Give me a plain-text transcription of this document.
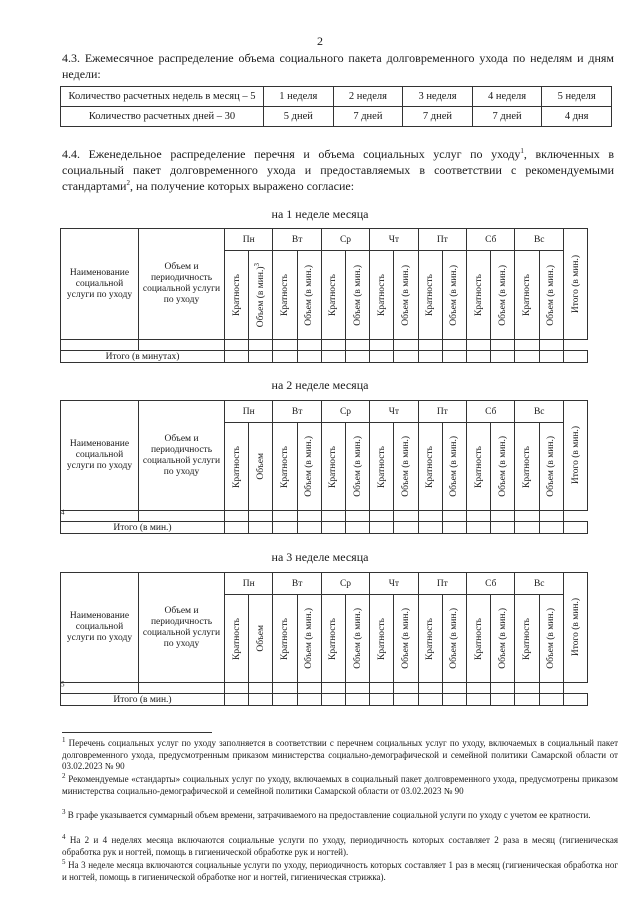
2

4.3. Ежемесячное распределение объема социального пакета долговременного ухода по неделям и дням недели:

Количество расчетных недель в месяц – 5	1 неделя	2 неделя	3 неделя	4 неделя	5 неделя
Количество расчетных дней – 30	5 дней	7 дней	7 дней	7 дней	4 дня

4.4. Еженедельное распределение перечня и объема социальных услуг по уходу$^1$, включенных в социальный пакет долговременного ухода и предоставляемых в соответствии с рекомендуемыми стандартами$^2$, на получение которых выражено согласие:

на 1 неделе месяца
Наименование социальной услуги по уходу	Объем и периодичность социальной услуги по уходу	Пн		Вт		Ср		Чт		Пт		Сб		Вс		Итого (в мин.)

		Кратность	Объем (в мин.)$^3$	Кратность	Объем (в мин.)	Кратность	Объем (в мин.)	Кратность	Объем (в мин.)	Кратность	Объем (в мин.)	Кратность	Объем (в мин.)	Кратность	Объем (в мин.)	

Итого (в минутах)																
на 2 неделе месяца
Наименование социальной услуги по уходу	Объем и периодичность социальной услуги по уходу	Пн		Вт		Ср		Чт		Пт		Сб		Вс		Итого (в мин.)

		Кратность	Объем	Кратность	Объем (в мин.)	Кратность	Объем (в мин.)	Кратность	Объем (в мин.)	Кратность	Объем (в мин.)	Кратность	Объем (в мин.)	Кратность	Объем (в мин.)	

$^4$															
Итого (в мин.)																
на 3 неделе месяца
Наименование социальной услуги по уходу	Объем и периодичность социальной услуги по уходу	Пн		Вт		Ср		Чт		Пт		Сб		Вс		Итого (в мин.)

		Кратность	Объем	Кратность	Объем (в мин.)	Кратность	Объем (в мин.)	Кратность	Объем (в мин.)	Кратность	Объем (в мин.)	Кратность	Объем (в мин.)	Кратность	Объем (в мин.)	

$^5$															
Итого (в мин.)																

$^1$ Перечень социальных услуг по уходу заполняется в соответствии с перечнем социальных услуг по уходу, включаемых в социальный пакет долговременного ухода, предусмотренным приказом министерства социально-демографической и семейной политики Самарской области от 03.02.2023 № 90

$^2$ Рекомендуемые «стандарты» социальных услуг по уходу, включаемых в социальный пакет долговременного ухода, предусмотрены приказом министерства социально-демографической и семейной политики Самарской области от 03.02.2023 № 90

$^3$ В графе указывается суммарный объем времени, затрачиваемого на предоставление социальной услуги по уходу с учетом ее кратности.

$^4$ На 2 и 4 неделях месяца включаются социальные услуги по уходу, периодичность которых составляет 2 раза в месяц (гигиеническая обработка рук и ногтей, помощь в гигиенической обработке рук и ногтей).

$^5$ На 3 неделе месяца включаются социальные услуги по уходу, периодичность которых составляет 1 раз в месяц (гигиеническая обработка ног и ногтей, помощь в гигиенической обработке ног и ногтей, гигиеническая стрижка).
